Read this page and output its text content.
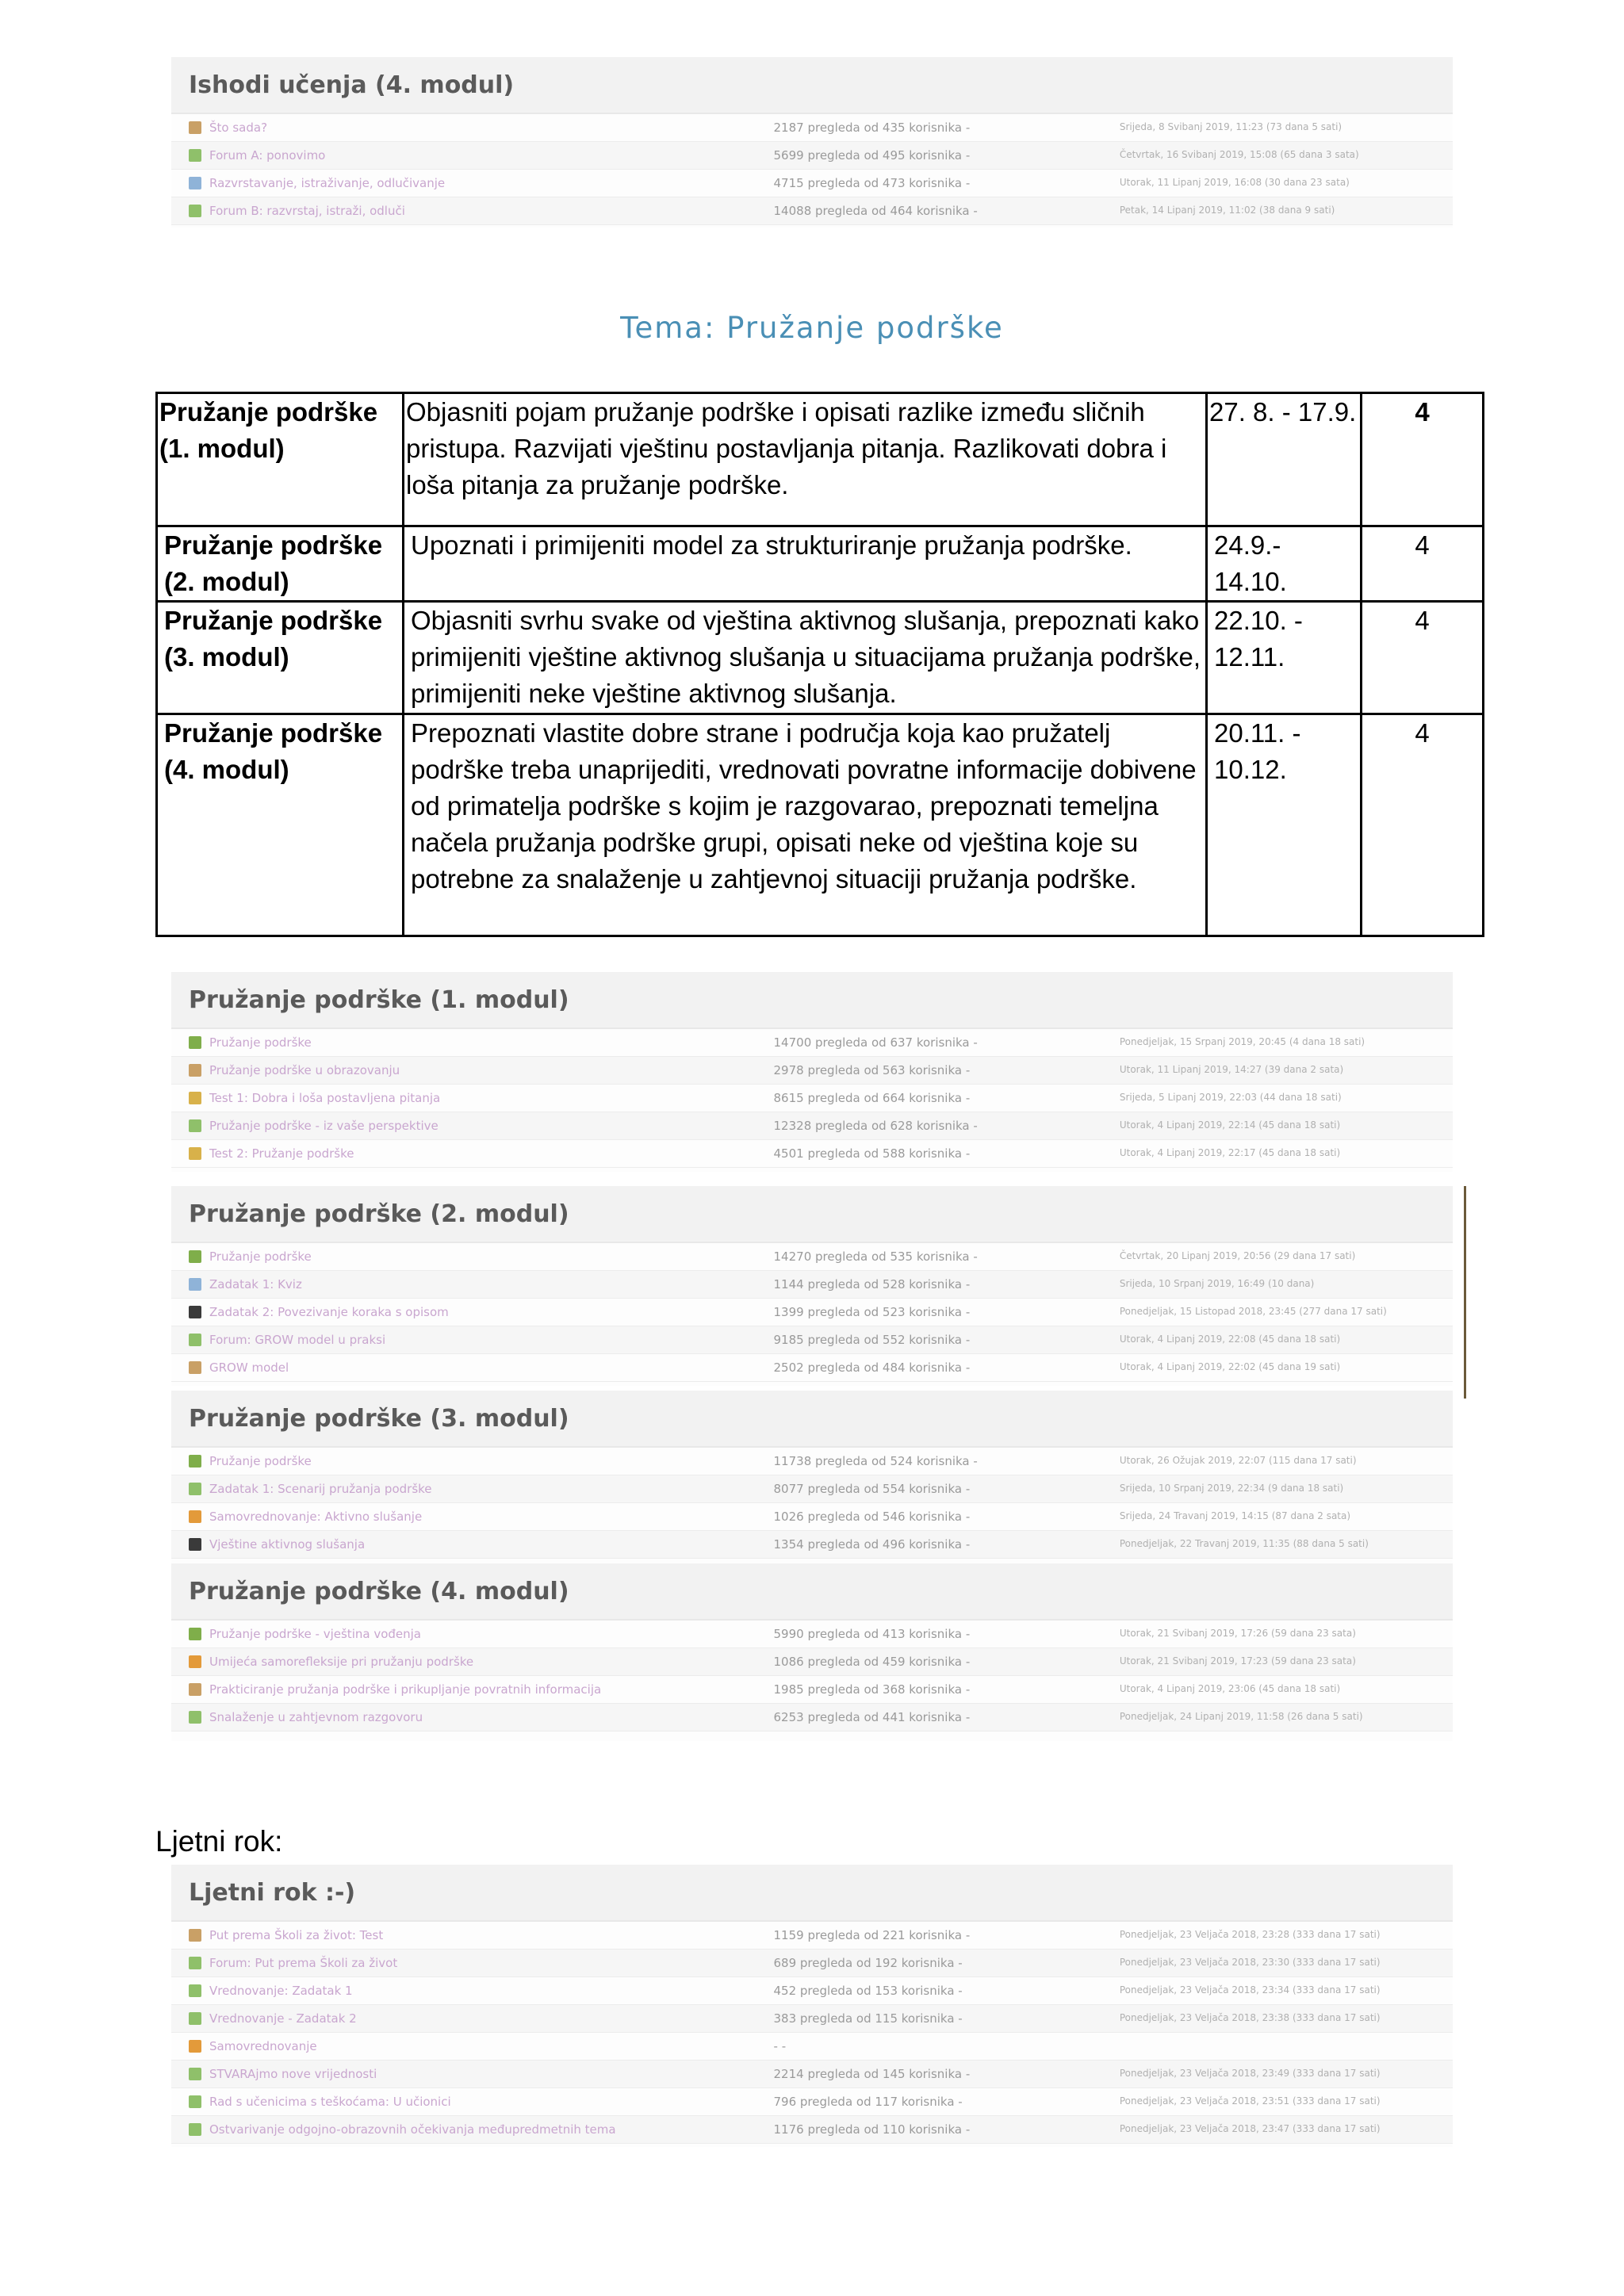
Ishodi učenja (4. modul)
Što sada?	2187 pregleda od 435 korisnika -	Srijeda, 8 Svibanj 2019, 11:23 (73 dana 5 sati)
Forum A: ponovimo	5699 pregleda od 495 korisnika -	Četvrtak, 16 Svibanj 2019, 15:08 (65 dana 3 sata)
Razvrstavanje, istraživanje, odlučivanje	4715 pregleda od 473 korisnika -	Utorak, 11 Lipanj 2019, 16:08 (30 dana 23 sata)
Forum B: razvrstaj, istraži, odluči	14088 pregleda od 464 korisnika -	Petak, 14 Lipanj 2019, 11:02 (38 dana 9 sati)
Tema: Pružanje podrške
Pružanje podrške (1. modul)	Objasniti pojam pružanje podrške i opisati razlike između sličnih pristupa. Razvijati vještinu postavljanja pitanja. Razlikovati dobra i loša pitanja za pružanje podrške.	27. 8. - 17.9.	4
Pružanje podrške (2. modul)	Upoznati i primijeniti model za strukturiranje pružanja podrške.	24.9.- 14.10.	4
Pružanje podrške (3. modul)	Objasniti svrhu svake od vještina aktivnog slušanja, prepoznati kako primijeniti vještine aktivnog slušanja u situacijama pružanja podrške, primijeniti neke vještine aktivnog slušanja.	22.10. - 12.11.	4
Pružanje podrške (4. modul)	Prepoznati vlastite dobre strane i područja koja kao pružatelj podrške treba unaprijediti, vrednovati povratne informacije dobivene od primatelja podrške s kojim je razgovarao, prepoznati temeljna načela pružanja podrške grupi, opisati neke od vještina koje su potrebne za snalaženje u zahtjevnoj situaciji pružanja podrške.	20.11. - 10.12.	4
Pružanje podrške (1. modul)
Pružanje podrške	14700 pregleda od 637 korisnika -	Ponedjeljak, 15 Srpanj 2019, 20:45 (4 dana 18 sati)
Pružanje podrške u obrazovanju	2978 pregleda od 563 korisnika -	Utorak, 11 Lipanj 2019, 14:27 (39 dana 2 sata)
Test 1: Dobra i loša postavljena pitanja	8615 pregleda od 664 korisnika -	Srijeda, 5 Lipanj 2019, 22:03 (44 dana 18 sati)
Pružanje podrške - iz vaše perspektive	12328 pregleda od 628 korisnika -	Utorak, 4 Lipanj 2019, 22:14 (45 dana 18 sati)
Test 2: Pružanje podrške	4501 pregleda od 588 korisnika -	Utorak, 4 Lipanj 2019, 22:17 (45 dana 18 sati)
Pružanje podrške (2. modul)
Pružanje podrške	14270 pregleda od 535 korisnika -	Četvrtak, 20 Lipanj 2019, 20:56 (29 dana 17 sati)
Zadatak 1: Kviz	1144 pregleda od 528 korisnika -	Srijeda, 10 Srpanj 2019, 16:49 (10 dana)
Zadatak 2: Povezivanje koraka s opisom	1399 pregleda od 523 korisnika -	Ponedjeljak, 15 Listopad 2018, 23:45 (277 dana 17 sati)
Forum: GROW model u praksi	9185 pregleda od 552 korisnika -	Utorak, 4 Lipanj 2019, 22:08 (45 dana 18 sati)
GROW model	2502 pregleda od 484 korisnika -	Utorak, 4 Lipanj 2019, 22:02 (45 dana 19 sati)
Pružanje podrške (3. modul)
Pružanje podrške	11738 pregleda od 524 korisnika -	Utorak, 26 Ožujak 2019, 22:07 (115 dana 17 sati)
Zadatak 1: Scenarij pružanja podrške	8077 pregleda od 554 korisnika -	Srijeda, 10 Srpanj 2019, 22:34 (9 dana 18 sati)
Samovrednovanje: Aktivno slušanje	1026 pregleda od 546 korisnika -	Srijeda, 24 Travanj 2019, 14:15 (87 dana 2 sata)
Vještine aktivnog slušanja	1354 pregleda od 496 korisnika -	Ponedjeljak, 22 Travanj 2019, 11:35 (88 dana 5 sati)
Pružanje podrške (4. modul)
Pružanje podrške - vještina vođenja	5990 pregleda od 413 korisnika -	Utorak, 21 Svibanj 2019, 17:26 (59 dana 23 sata)
Umijeća samorefleksije pri pružanju podrške	1086 pregleda od 459 korisnika -	Utorak, 21 Svibanj 2019, 17:23 (59 dana 23 sata)
Prakticiranje pružanja podrške i prikupljanje povratnih informacija	1985 pregleda od 368 korisnika -	Utorak, 4 Lipanj 2019, 23:06 (45 dana 18 sati)
Snalaženje u zahtjevnom razgovoru	6253 pregleda od 441 korisnika -	Ponedjeljak, 24 Lipanj 2019, 11:58 (26 dana 5 sati)
Ljetni rok:
Ljetni rok :-)
Put prema Školi za život: Test	1159 pregleda od 221 korisnika -	Ponedjeljak, 23 Veljača 2018, 23:28 (333 dana 17 sati)
Forum: Put prema Školi za život	689 pregleda od 192 korisnika -	Ponedjeljak, 23 Veljača 2018, 23:30 (333 dana 17 sati)
Vrednovanje: Zadatak 1	452 pregleda od 153 korisnika -	Ponedjeljak, 23 Veljača 2018, 23:34 (333 dana 17 sati)
Vrednovanje - Zadatak 2	383 pregleda od 115 korisnika -	Ponedjeljak, 23 Veljača 2018, 23:38 (333 dana 17 sati)
Samovrednovanje	- -
STVARAjmo nove vrijednosti	2214 pregleda od 145 korisnika -	Ponedjeljak, 23 Veljača 2018, 23:49 (333 dana 17 sati)
Rad s učenicima s teškoćama: U učionici	796 pregleda od 117 korisnika -	Ponedjeljak, 23 Veljača 2018, 23:51 (333 dana 17 sati)
Ostvarivanje odgojno-obrazovnih očekivanja međupredmetnih tema	1176 pregleda od 110 korisnika -	Ponedjeljak, 23 Veljača 2018, 23:47 (333 dana 17 sati)
